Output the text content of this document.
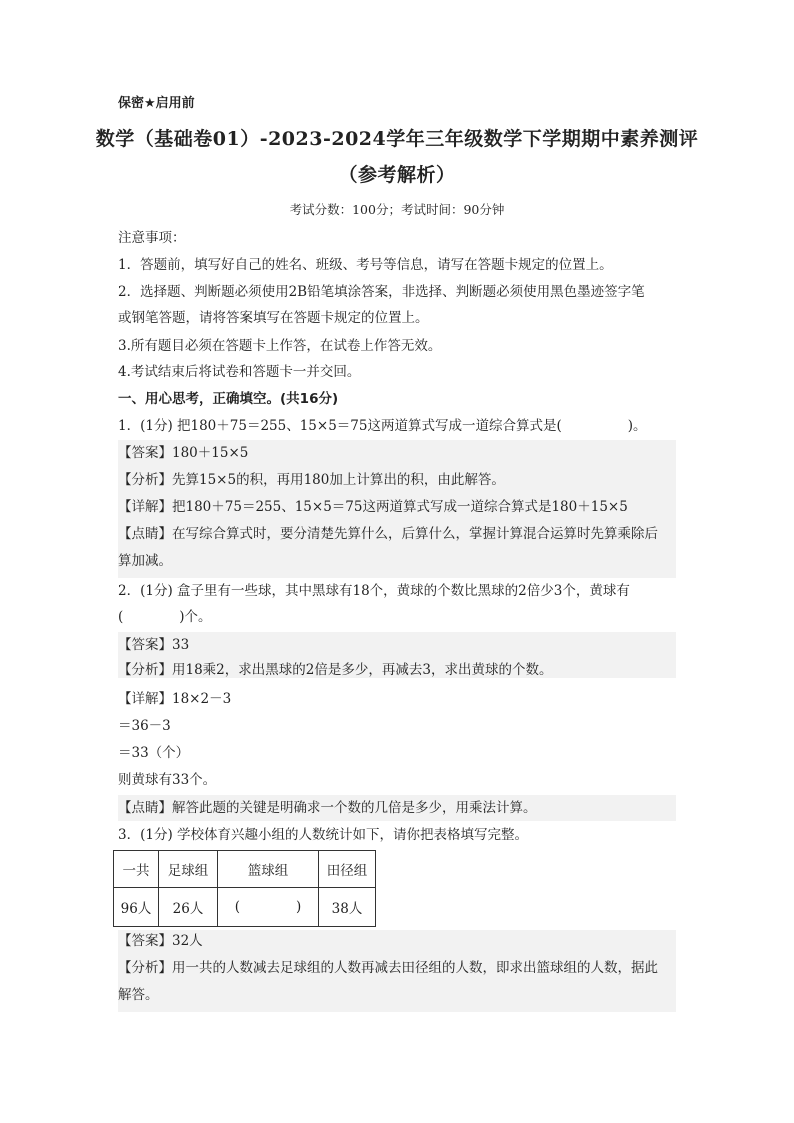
保密★启用前
数学（基础卷01）-2023-2024学年三年级数学下学期期中素养测评
（参考解析）
考试分数：100分；考试时间：90分钟
注意事项：
1．答题前，填写好自己的姓名、班级、考号等信息，请写在答题卡规定的位置上。
2．选择题、判断题必须使用2B铅笔填涂答案，非选择、判断题必须使用黑色墨迹签字笔
或钢笔答题，请将答案填写在答题卡规定的位置上。
3.所有题目必须在答题卡上作答，在试卷上作答无效。
4.考试结束后将试卷和答题卡一并交回。
一、用心思考，正确填空。(共16分)
1．(1分) 把180＋75＝255、15×5＝75这两道算式写成一道综合算式是(	)。
【答案】180＋15×5
【分析】先算15×5的积，再用180加上计算出的积，由此解答。
【详解】把180＋75＝255、15×5＝75这两道算式写成一道综合算式是180＋15×5
【点睛】在写综合算式时，要分清楚先算什么，后算什么，掌握计算混合运算时先算乘除后
算加减。
2．(1分) 盒子里有一些球，其中黑球有18个，黄球的个数比黑球的2倍少3个，黄球有
(	)个。
【答案】33
【分析】用18乘2，求出黑球的2倍是多少，再减去3，求出黄球的个数。
【详解】18×2－3
＝36－3
＝33（个）
则黄球有33个。
【点睛】解答此题的关键是明确求一个数的几倍是多少，用乘法计算。
3．(1分) 学校体育兴趣小组的人数统计如下，请你把表格填写完整。
一共	足球组	篮球组	田径组
96人	26人	( )	38人
【答案】32人
【分析】用一共的人数减去足球组的人数再减去田径组的人数，即求出篮球组的人数，据此
解答。
